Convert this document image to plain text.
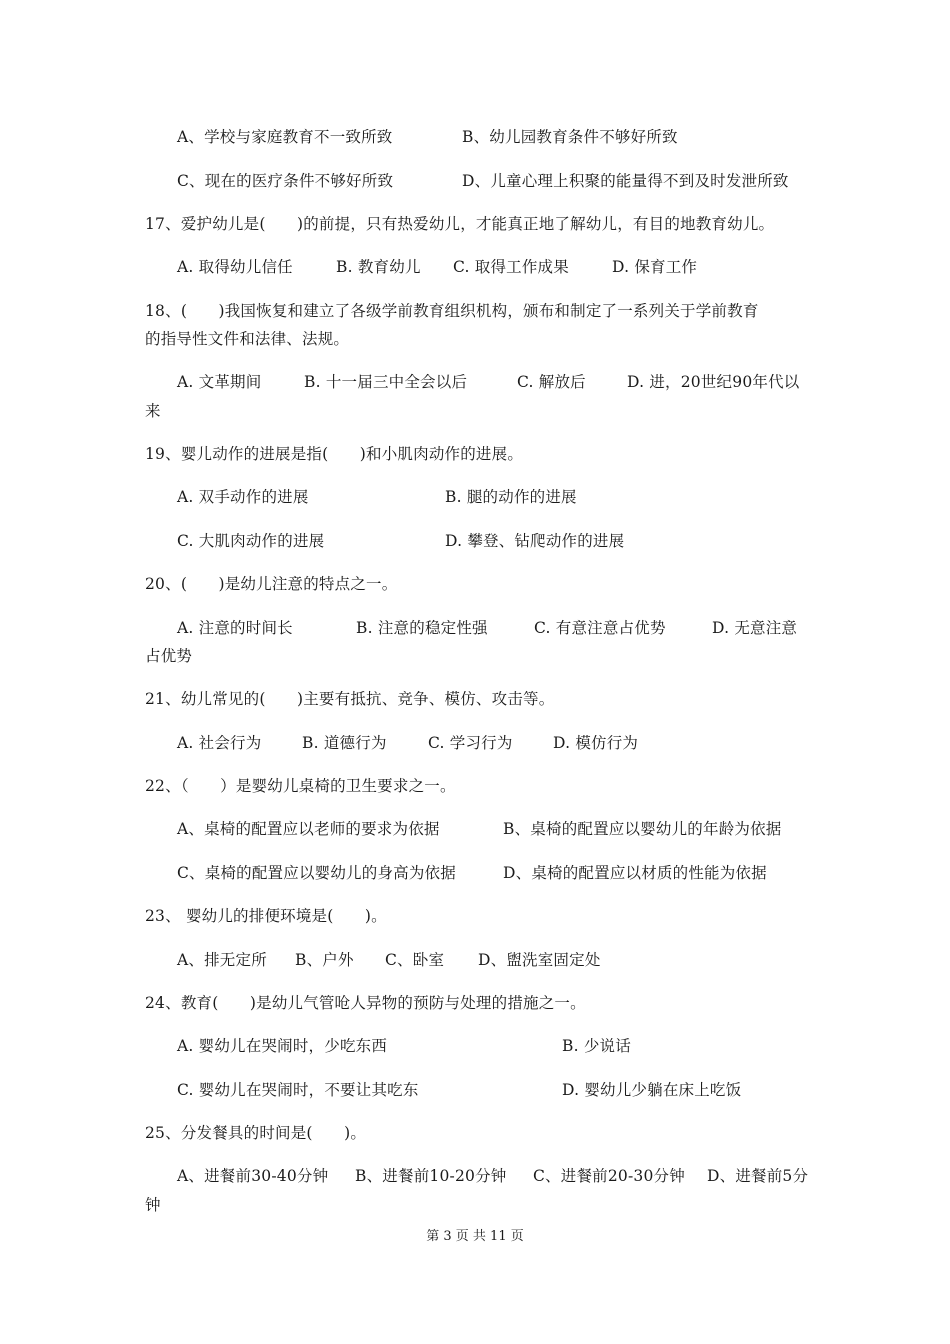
A、学校与家庭教育不一致所致	B、幼儿园教育条件不够好所致
C、现在的医疗条件不够好所致	D、儿童心理上积聚的能量得不到及时发泄所致
17、爱护幼儿是(　　)的前提，只有热爱幼儿，才能真正地了解幼儿，有目的地教育幼儿。
A. 取得幼儿信任	B. 教育幼儿 C. 取得工作成果	D. 保育工作
18、(　　)我国恢复和建立了各级学前教育组织机构，颁布和制定了一系列关于学前教育
的指导性文件和法律、法规。
A. 文革期间	B. 十一届三中全会以后	C. 解放后	D. 进，20世纪90年代以
来
19、婴儿动作的进展是指(　　)和小肌肉动作的进展。
A. 双手动作的进展	B. 腿的动作的进展
C. 大肌肉动作的进展	D. 攀登、钻爬动作的进展
20、(　　)是幼儿注意的特点之一。
A. 注意的时间长	B. 注意的稳定性强	C. 有意注意占优势	D. 无意注意
占优势
21、幼儿常见的(　　)主要有抵抗、竞争、模仿、攻击等。
A. 社会行为	B. 道德行为	C. 学习行为	D. 模仿行为
22、（　　）是婴幼儿桌椅的卫生要求之一。
A、桌椅的配置应以老师的要求为依据	B、桌椅的配置应以婴幼儿的年龄为依据
C、桌椅的配置应以婴幼儿的身高为依据	D、桌椅的配置应以材质的性能为依据
23、 婴幼儿的排便环境是(　　)。
A、排无定所 B、户外 C、卧室 D、盥洗室固定处
24、教育(　　)是幼儿气管呛人异物的预防与处理的措施之一。
A. 婴幼儿在哭闹时，少吃东西	B. 少说话
C. 婴幼儿在哭闹时，不要让其吃东	D. 婴幼儿少躺在床上吃饭
25、分发餐具的时间是(　　)。
A、进餐前30-40分钟 B、进餐前10-20分钟 C、进餐前20-30分钟 D、进餐前5分
钟
第 3 页 共 11 页
